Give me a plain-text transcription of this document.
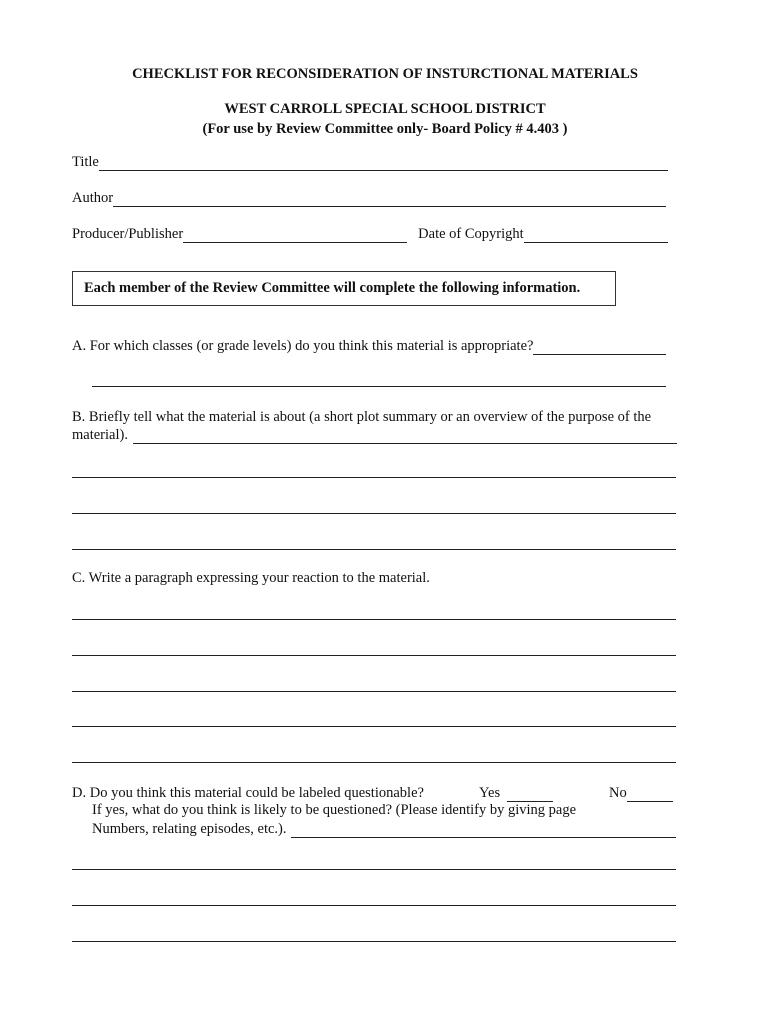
CHECKLIST FOR RECONSIDERATION OF INSTURCTIONAL MATERIALS
WEST CARROLL SPECIAL SCHOOL DISTRICT
(For use by Review Committee only- Board Policy # 4.403 )
Title
Author
Producer/Publisher	Date of Copyright
Each member of the Review Committee will complete the following information.
A. For which classes (or grade levels) do you think this material is appropriate?
B. Briefly tell what the material is about (a short plot summary or an overview of the purpose of the
material).
C. Write a paragraph expressing your reaction to the material.
D. Do you think this material could be labeled questionable?	Yes	No
If yes, what do you think is likely to be questioned? (Please identify by giving page
Numbers, relating episodes, etc.).
